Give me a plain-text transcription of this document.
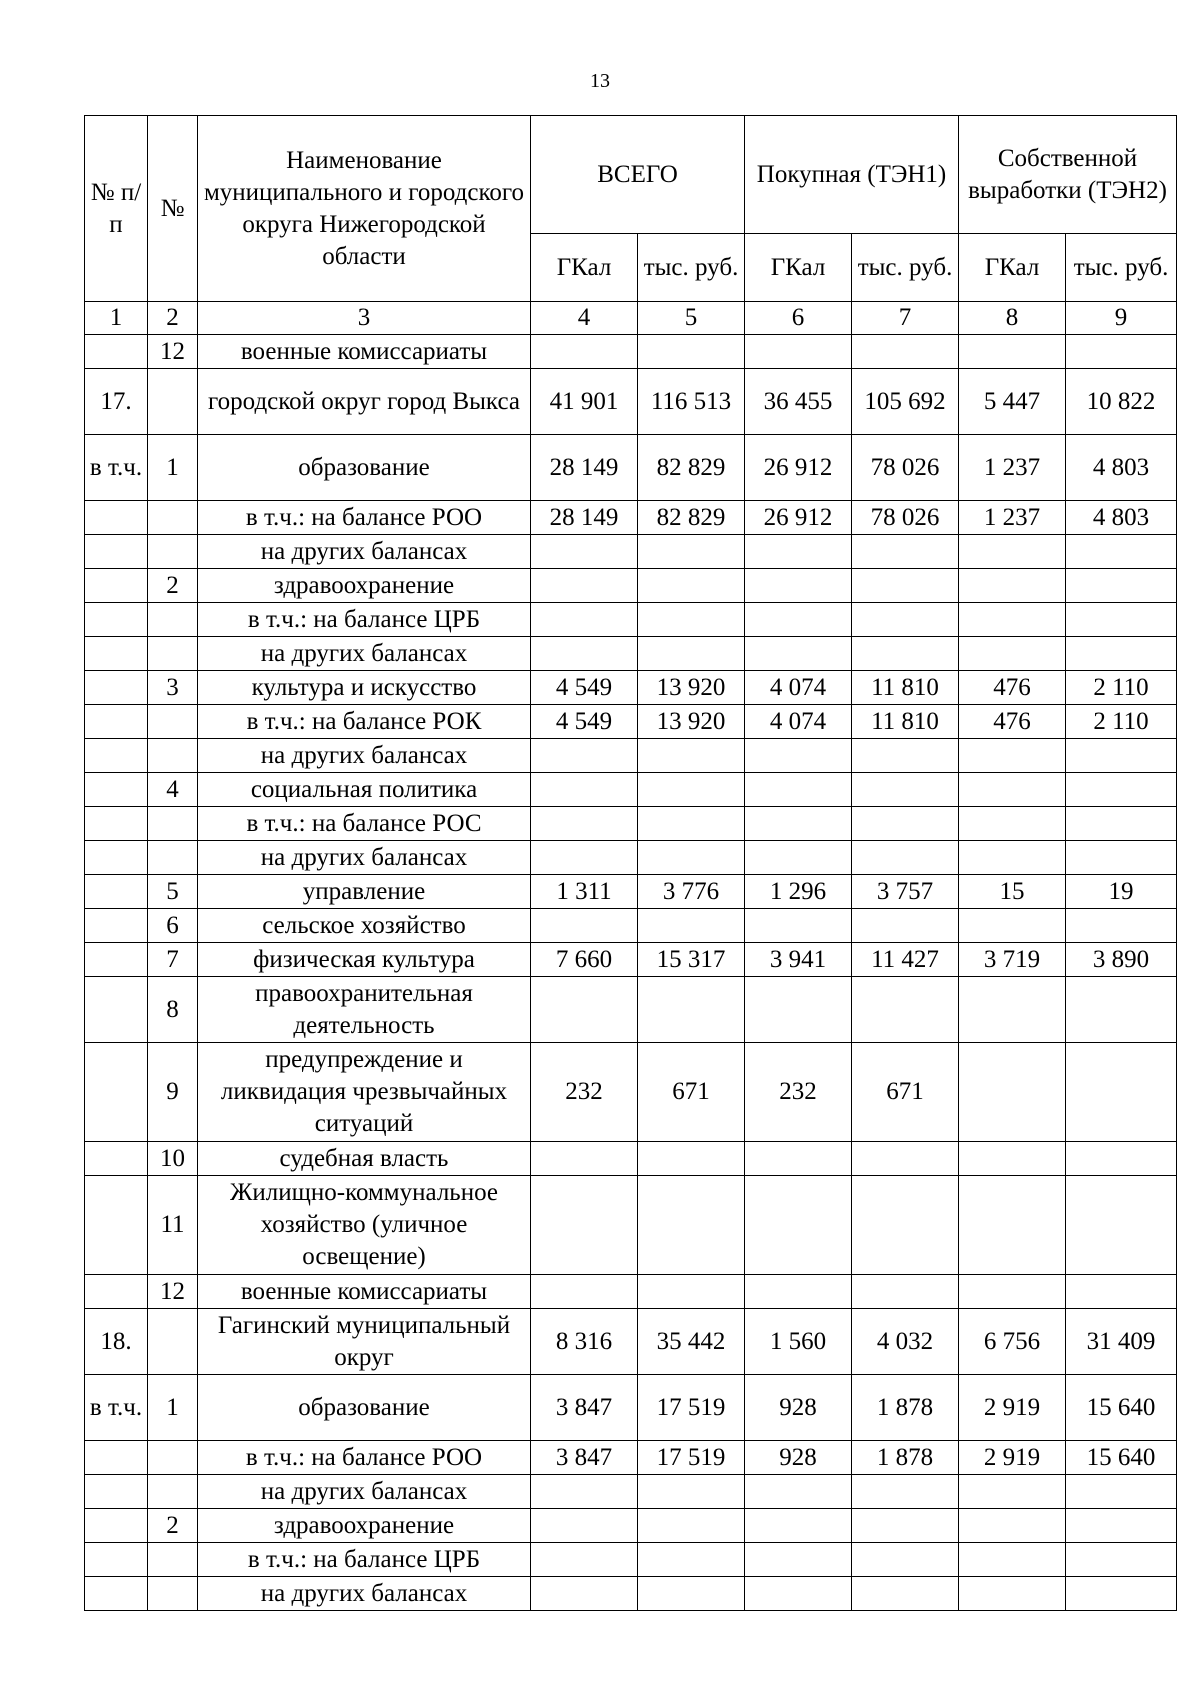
13
№ п/п	№	Наименование муниципального и городского округа Нижегородской области	ВСЕГО		Покупная (ТЭН1)		Собственной выработки (ТЭН2)	
			ГКал	тыс. руб.	ГКал	тыс. руб.	ГКал	тыс. руб.
1	2	3	4	5	6	7	8	9
	12	военные комиссариаты						
17.		городской округ город Выкса	41 901	116 513	36 455	105 692	5 447	10 822
в т.ч.	1	образование	28 149	82 829	26 912	78 026	1 237	4 803
		в т.ч.: на балансе РОО	28 149	82 829	26 912	78 026	1 237	4 803
		на других балансах						
	2	здравоохранение						
		в т.ч.: на балансе ЦРБ						
		на других балансах						
	3	культура и искусство	4 549	13 920	4 074	11 810	476	2 110
		в т.ч.: на балансе РОК	4 549	13 920	4 074	11 810	476	2 110
		на других балансах						
	4	социальная политика						
		в т.ч.: на балансе РОС						
		на других балансах						
	5	управление	1 311	3 776	1 296	3 757	15	19
	6	сельское хозяйство						
	7	физическая культура	7 660	15 317	3 941	11 427	3 719	3 890
	8	правоохранительная деятельность						
	9	предупреждение и ликвидация чрезвычайных ситуаций	232	671	232	671		
	10	судебная власть						
	11	Жилищно-коммунальное хозяйство (уличное освещение)						
	12	военные комиссариаты						
18.		Гагинский муниципальный округ	8 316	35 442	1 560	4 032	6 756	31 409
в т.ч.	1	образование	3 847	17 519	928	1 878	2 919	15 640
		в т.ч.: на балансе РОО	3 847	17 519	928	1 878	2 919	15 640
		на других балансах						
	2	здравоохранение						
		в т.ч.: на балансе ЦРБ						
		на других балансах						
